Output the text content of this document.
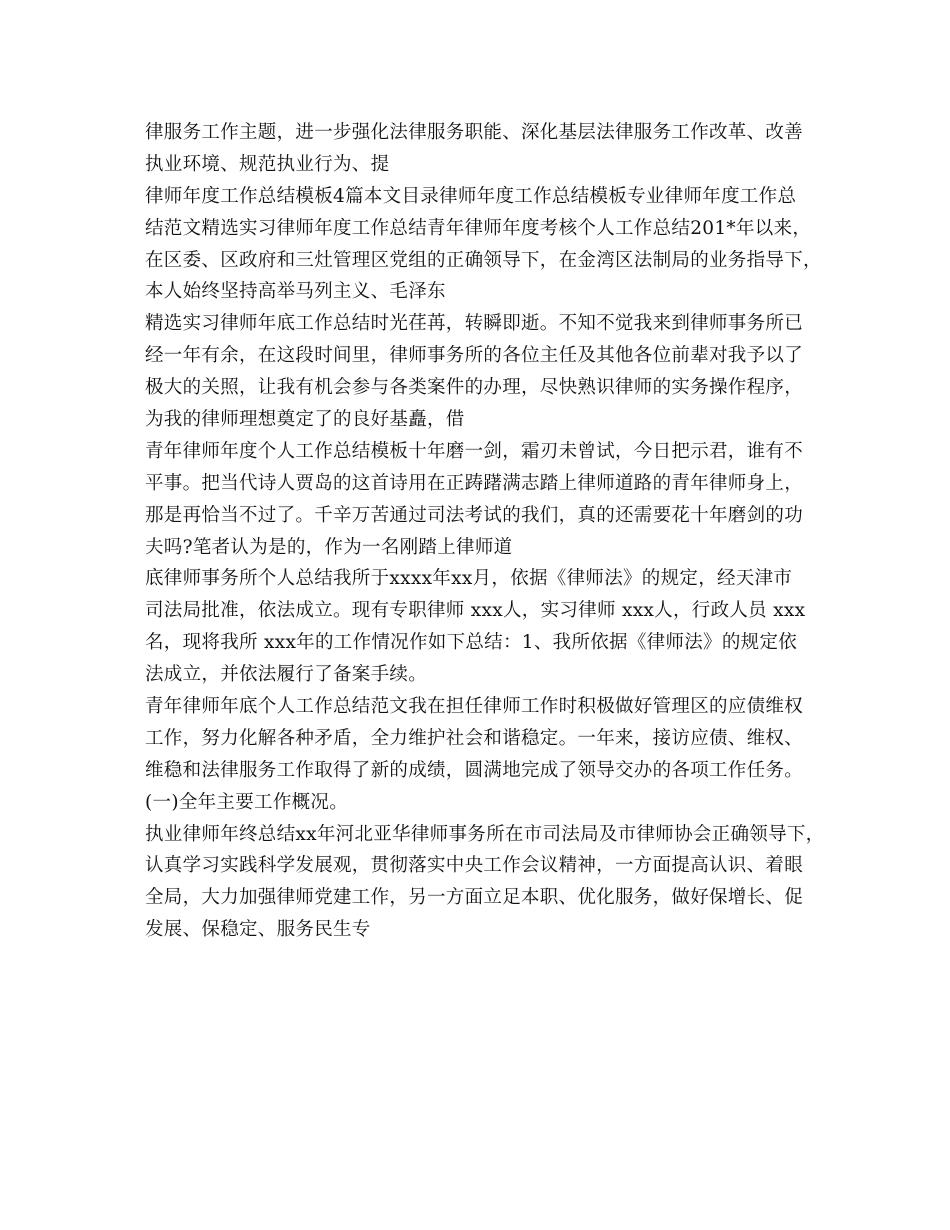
律服务工作主题，进一步强化法律服务职能、深化基层法律服务工作改革、改善
执业环境、规范执业行为、提
律师年度工作总结模板4篇本文目录律师年度工作总结模板专业律师年度工作总
结范文精选实习律师年度工作总结青年律师年度考核个人工作总结201*年以来，
在区委、区政府和三灶管理区党组的正确领导下，在金湾区法制局的业务指导下，
本人始终坚持高举马列主义、毛泽东
精选实习律师年底工作总结时光荏苒，转瞬即逝。不知不觉我来到律师事务所已
经一年有余，在这段时间里，律师事务所的各位主任及其他各位前辈对我予以了
极大的关照，让我有机会参与各类案件的办理，尽快熟识律师的实务操作程序，
为我的律师理想奠定了的良好基矗，借
青年律师年度个人工作总结模板十年磨一剑，霜刃未曾试，今日把示君，谁有不
平事。把当代诗人贾岛的这首诗用在正踌躇满志踏上律师道路的青年律师身上，
那是再恰当不过了。千辛万苦通过司法考试的我们，真的还需要花十年磨剑的功
夫吗?笔者认为是的，作为一名刚踏上律师道
底律师事务所个人总结我所于xxxx年xx月，依据《律师法》的规定，经天津市
司法局批准，依法成立。现有专职律师 xxx人，实习律师 xxx人，行政人员 xxx
名，现将我所 xxx年的工作情况作如下总结：1、我所依据《律师法》的规定依
法成立，并依法履行了备案手续。
青年律师年底个人工作总结范文我在担任律师工作时积极做好管理区的应债维权
工作，努力化解各种矛盾，全力维护社会和谐稳定。一年来，接访应债、维权、
维稳和法律服务工作取得了新的成绩，圆满地完成了领导交办的各项工作任务。
(一)全年主要工作概况。
执业律师年终总结xx年河北亚华律师事务所在市司法局及市律师协会正确领导下，
认真学习实践科学发展观，贯彻落实中央工作会议精神，一方面提高认识、着眼
全局，大力加强律师党建工作，另一方面立足本职、优化服务，做好保增长、促
发展、保稳定、服务民生专
